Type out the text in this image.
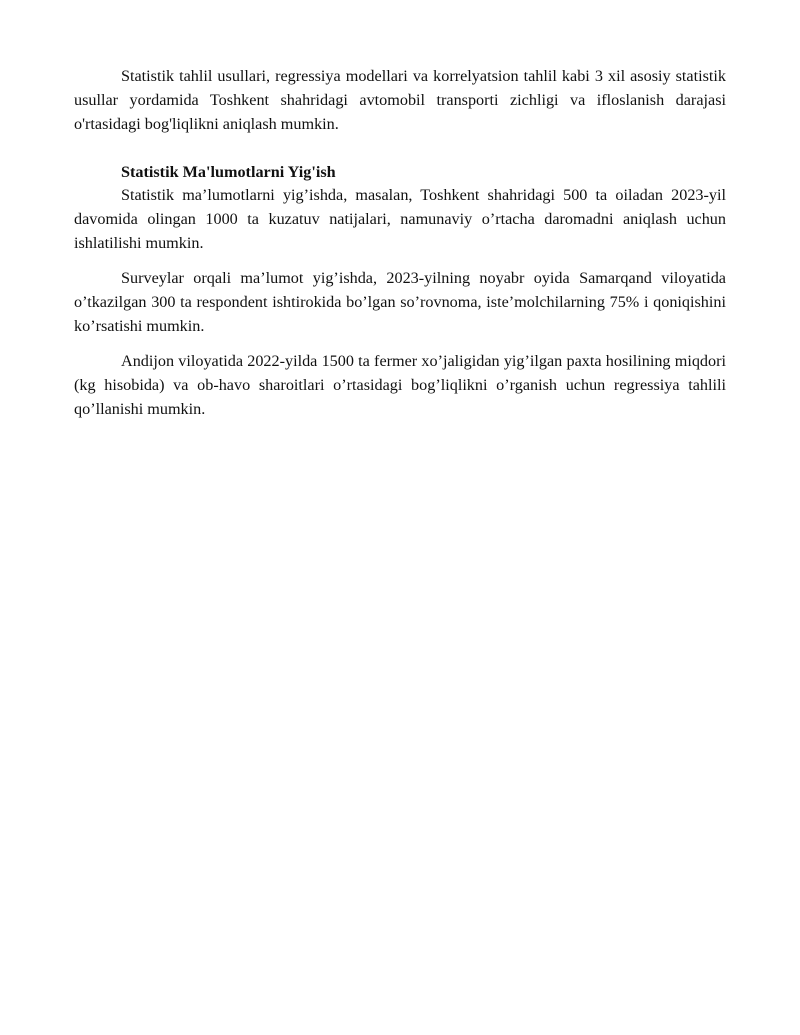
Statistik tahlil usullari, regressiya modellari va korrelyatsion tahlil kabi 3 xil asosiy statistik usullar yordamida Toshkent shahridagi avtomobil transporti zichligi va ifloslanish darajasi o'rtasidagi bog'liqlikni aniqlash mumkin.

Statistik Ma'lumotlarni Yig'ish

Statistik ma’lumotlarni yig’ishda, masalan, Toshkent shahridagi 500 ta oiladan 2023-yil davomida olingan 1000 ta kuzatuv natijalari, namunaviy o’rtacha daromadni aniqlash uchun ishlatilishi mumkin.

Surveylar orqali ma’lumot yig’ishda, 2023-yilning noyabr oyida Samarqand viloyatida o’tkazilgan 300 ta respondent ishtirokida bo’lgan so’rovnoma, iste’molchilarning 75% i qoniqishini ko’rsatishi mumkin.

Andijon viloyatida 2022-yilda 1500 ta fermer xo’jaligidan yig’ilgan paxta hosilining miqdori (kg hisobida) va ob-havo sharoitlari o’rtasidagi bog’liqlikni o’rganish uchun regressiya tahlili qo’llanishi mumkin.
